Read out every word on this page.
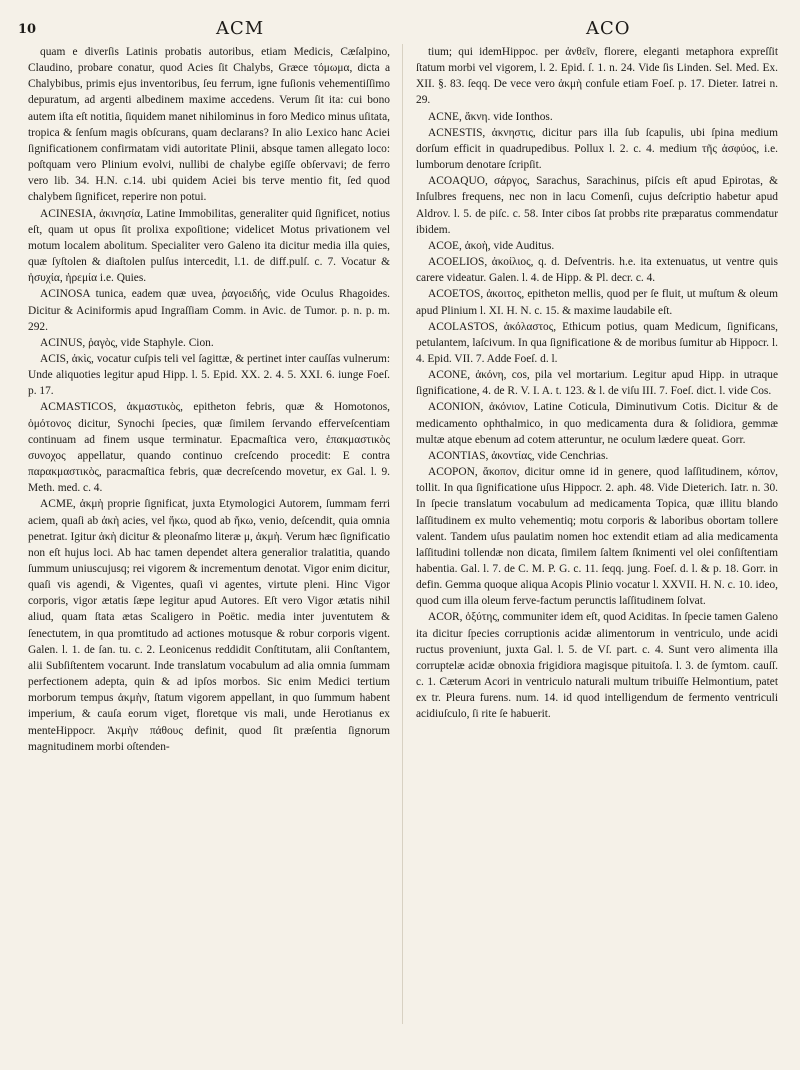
10	ACM	ACO

quam e diverſis Latinis probatis autoribus, etiam Medicis, Cæſalpino, Claudino, probare conatur, quod Acies ſit Chalybs, Græce τόμωμα, dicta a Chalybibus, primis ejus inventoribus, ſeu ferrum, igne fuſionis vehementiſſimo depuratum, ad argenti albedinem maxime accedens. Verum ſit ita: cui bono autem iſta eſt notitia, ſiquidem manet nihilominus in foro Medico minus uſitata, tropica & ſenſum magis obſcurans, quam declarans? In alio Lexico hanc Aciei ſignificationem confirmatam vidi autoritate Plinii, absque tamen allegato loco: poſtquam vero Plinium evolvi, nullibi de chalybe egiſſe obſervavi; de ferro vero lib. 34. H.N. c.14. ubi quidem Aciei bis terve mentio fit, ſed quod chalybem ſignificet, reperire non potui.

ACINESIA, ἀκινησία, Latine Immobilitas, generaliter quid ſignificet, notius eſt, quam ut opus ſit prolixa expoſitione; videlicet Motus privationem vel motum localem abolitum. Specialiter vero Galeno ita dicitur media illa quies, quæ ſyſtolen & diaſtolen pulſus intercedit, l.1. de diff.pulſ. c. 7. Vocatur & ἡσυχία, ἠρεμία i.e. Quies.

ACINOSA tunica, eadem quæ uvea, ῥαγοειδής, vide Oculus Rhagoides. Dicitur & Aciniformis apud Ingraſſiam Comm. in Avic. de Tumor. p. n. p. m. 292.

ACINUS, ῥαγὸς, vide Staphyle. Cion.

ACIS, ἀκὶς, vocatur cuſpis teli vel ſagittæ, & pertinet inter cauſſas vulnerum: Unde aliquoties legitur apud Hipp. l. 5. Epid. XX. 2. 4. 5. XXI. 6. iunge Foeſ. p. 17.

ACMASTICOS, ἀκμαστικὸς, epitheton febris, quæ & Homotonos, ὁμότονος dicitur, Synochi ſpecies, quæ ſimilem ſervando efferveſcentiam continuam ad finem usque terminatur. Epacmaſtica vero, ἐπακμαστικὸς συνοχος appellatur, quando continuo creſcendo procedit: E contra παρακμαστικὸς, paracmaſtica febris, quæ decreſcendo movetur, ex Gal. l. 9. Meth. med. c. 4.

ACME, ἀκμὴ proprie ſignificat, juxta Etymologici Autorem, ſummam ferri aciem, quaſi ab ἀκὴ acies, vel ἥκω, quod ab ἥκω, venio, deſcendit, quia omnia penetrat. Igitur ἀκὴ dicitur & pleonaſmo literæ μ, ἀκμὴ. Verum hæc ſignificatio non eſt hujus loci. Ab hac tamen dependet altera generalior tralatitia, quando ſummum uniuscujusq; rei vigorem & incrementum denotat. Vigor enim dicitur, quaſi vis agendi, & Vigentes, quaſi vi agentes, virtute pleni. Hinc Vigor corporis, vigor ætatis ſæpe legitur apud Autores. Eſt vero Vigor ætatis nihil aliud, quam ſtata ætas Scaligero in Poëtic. media inter juventutem & ſenectutem, in qua promtitudo ad actiones motusque & robur corporis vigent. Galen. l. 1. de ſan. tu. c. 2. Leonicenus reddidit Conſtitutam, alii Conſtantem, alii Subſiſtentem vocarunt. Inde translatum vocabulum ad alia omnia ſummam perfectionem adepta, quin & ad ipſos morbos. Sic enim Medici tertium morborum tempus ἀκμὴν, ſtatum vigorem appellant, in quo ſummum habent imperium, & cauſa eorum viget, floretque vis mali, unde Herotianus ex menteHippocr. Ἀκμὴν πάθους definit, quod ſit præſentia ſignorum magnitudinem morbi oſtenden-

tium; qui idemHippoc. per ἀνθεῖν, florere, eleganti metaphora expreſſit ſtatum morbi vel vigorem, l. 2. Epid. ſ. 1. n. 24. Vide ſis Linden. Sel. Med. Ex. XII. §. 83. ſeqq. De vece vero ἀκμὴ confule etiam Foeſ. p. 17. Dieter. Iatrei n. 29.

ACNE, ἄκνη. vide Ionthos.

ACNESTIS, ἀκνηστις, dicitur pars illa ſub ſcapulis, ubi ſpina medium dorſum efficit in quadrupedibus. Pollux l. 2. c. 4. medium τῆς ἀσφύος, i.e. lumborum denotare ſcripſit.

ACOAQUO, σάργος, Sarachus, Sarachinus, piſcis eſt apud Epirotas, & Inſulbres frequens, nec non in lacu Comenſi, cujus deſcriptio habetur apud Aldrov. l. 5. de piſc. c. 58. Inter cibos ſat probbs rite præparatus commendatur ibidem.

ACOE, ἀκοὴ, vide Auditus.

ACOELIOS, ἀκοίλιος, q. d. Deſventris. h.e. ita extenuatus, ut ventre quis carere videatur. Galen. l. 4. de Hipp. & Pl. decr. c. 4.

ACOETOS, ἀκοιτος, epitheton mellis, quod per ſe fluit, ut muſtum & oleum apud Plinium l. XI. H. N. c. 15. & maxime laudabile eſt.

ACOLASTOS, ἀκόλαστος, Ethicum potius, quam Medicum, ſignificans, petulantem, laſcivum. In qua ſignificatione & de moribus ſumitur ab Hippocr. l. 4. Epid. VII. 7. Adde Foeſ. d. l.

ACONE, ἀκόνη, cos, pila vel mortarium. Legitur apud Hipp. in utraque ſignificatione, 4. de R. V. I. A. t. 123. & l. de viſu III. 7. Foeſ. dict. l. vide Cos.

ACONION, ἀκόνιον, Latine Coticula, Diminutivum Cotis. Dicitur & de medicamento ophthalmico, in quo medicamenta dura & ſolidiora, gemmæ multæ atque ebenum ad cotem atteruntur, ne oculum lædere queat. Gorr.

ACONTIAS, ἀκοντίας, vide Cenchrias.

ACOPON, ἄκοπον, dicitur omne id in genere, quod laſſitudinem, κόπον, tollit. In qua ſignificatione uſus Hippocr. 2. aph. 48. Vide Dieterich. Iatr. n. 30. In ſpecie translatum vocabulum ad medicamenta Topica, quæ illitu blando laſſitudinem ex multo vehementiq; motu corporis & laboribus obortam tollere valent. Tandem uſus paulatim nomen hoc extendit etiam ad alia medicamenta laſſitudini tollendæ non dicata, ſimilem ſaltem ſknimenti vel olei conſiſtentiam habentia. Gal. l. 7. de C. M. P. G. c. 11. ſeqq. jung. Foeſ. d. l. & p. 18. Gorr. in defin. Gemma quoque aliqua Acopis Plinio vocatur l. XXVII. H. N. c. 10. ideo, quod cum illa oleum ferve-factum perunctis laſſitudinem ſolvat.

ACOR, ὀξύτης, communiter idem eſt, quod Aciditas. In ſpecie tamen Galeno ita dicitur ſpecies corruptionis acidæ alimentorum in ventriculo, unde acidi ructus proveniunt, juxta Gal. l. 5. de Vſ. part. c. 4. Sunt vero alimenta illa corruptelæ acidæ obnoxia frigidiora magisque pituitoſa. l. 3. de ſymtom. cauſſ. c. 1. Cæterum Acori in ventriculo naturali multum tribuiſſe Helmontium, patet ex tr. Pleura furens. num. 14. id quod intelligendum de fermento ventriculi acidiuſculo, ſi rite ſe habuerit.
